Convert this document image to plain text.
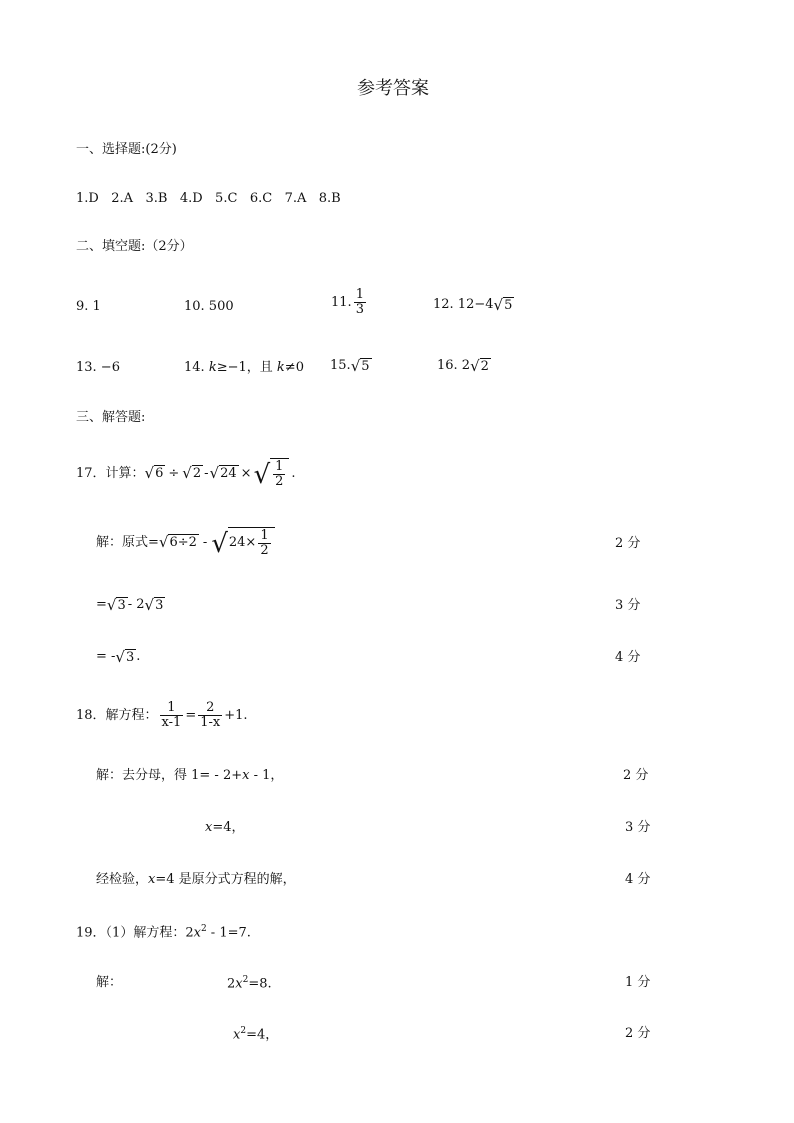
参考答案
一、选择题:(2分)
1.D 2.A 3.B 4.D 5.C 6.C 7.A 8.B
二、填空题:（2分）
9. 1	10. 500	11. $\frac{1}{3}$	12. 12−4 √ 5
13. −6	14. k≥−1，且 k≠0 15. √ 5	16. 2 √ 2
三、解答题:
17．计算： √ 6 ÷ √ 2 - √ 24 × √ $\frac{1}{2}$ .
解：原式= √ 6÷2 - √ $24\times \frac{1}{2}$	2 分
= √ 3 - 2 √ 3	3 分
= - √ 3 .	4 分
18．解方程： $\frac{1}{x-1} = \frac{2}{1-x} +1$.
解：去分母，得 1= - 2+x - 1，	2 分
x=4，	3 分
经检验，x=4 是原分式方程的解，	4 分
19．（1）解方程：$2x^2 - 1=7$.
解：	$2x^2=8$.	1 分
$x^2=4$，	2 分
